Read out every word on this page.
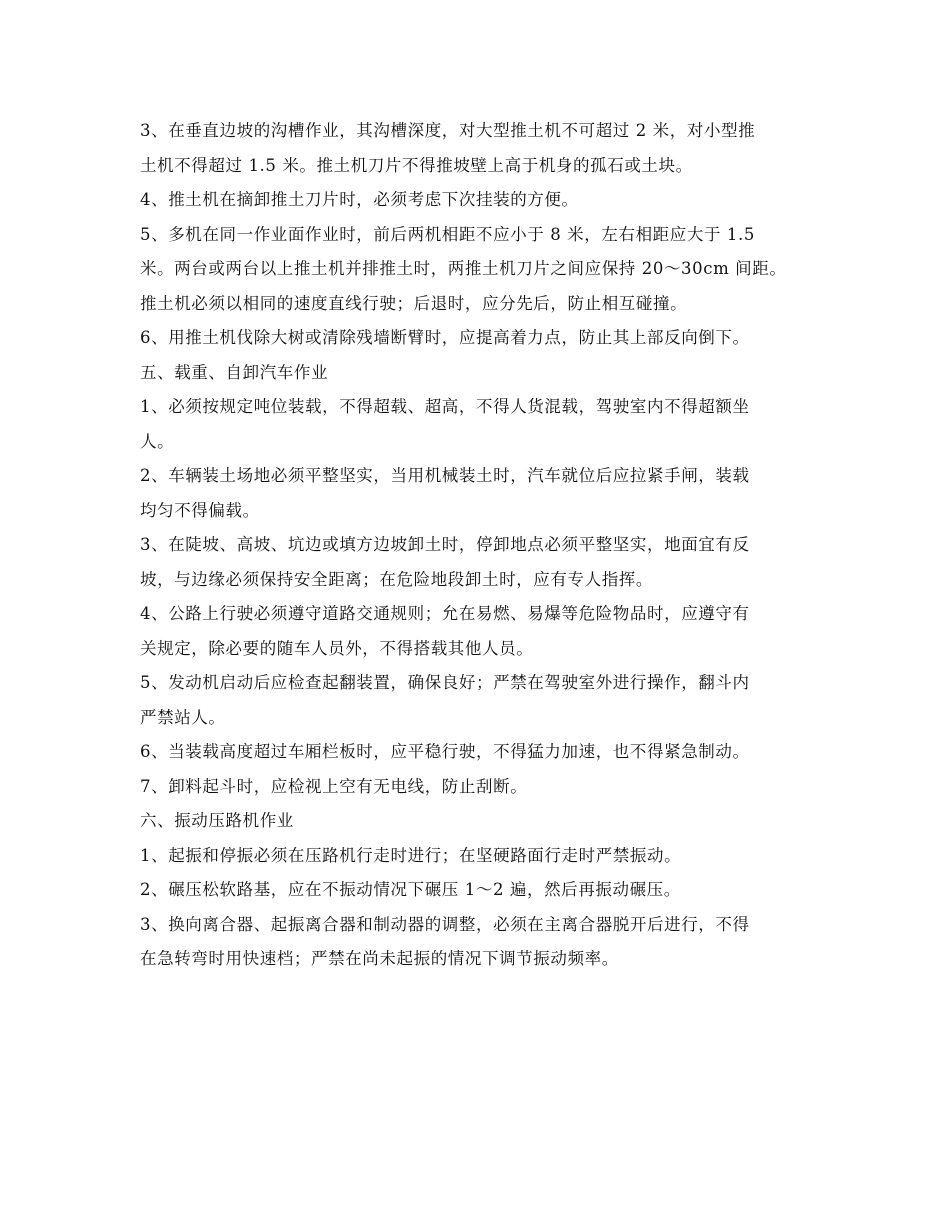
3、在垂直边坡的沟槽作业，其沟槽深度，对大型推土机不可超过 2 米，对小型推
土机不得超过 1.5 米。推土机刀片不得推坡壁上高于机身的孤石或土块。
4、推土机在摘卸推土刀片时，必须考虑下次挂装的方便。
5、多机在同一作业面作业时，前后两机相距不应小于 8 米，左右相距应大于 1.5
米。两台或两台以上推土机并排推土时，两推土机刀片之间应保持 20～30cm 间距。
推土机必须以相同的速度直线行驶；后退时，应分先后，防止相互碰撞。
6、用推土机伐除大树或清除残墙断臂时，应提高着力点，防止其上部反向倒下。
五、载重、自卸汽车作业
1、必须按规定吨位装载，不得超载、超高，不得人货混载，驾驶室内不得超额坐
人。
2、车辆装土场地必须平整坚实，当用机械装土时，汽车就位后应拉紧手闸，装载
均匀不得偏载。
3、在陡坡、高坡、坑边或填方边坡卸土时，停卸地点必须平整坚实，地面宜有反
坡，与边缘必须保持安全距离；在危险地段卸土时，应有专人指挥。
4、公路上行驶必须遵守道路交通规则；允在易燃、易爆等危险物品时，应遵守有
关规定，除必要的随车人员外，不得搭载其他人员。
5、发动机启动后应检查起翻装置，确保良好；严禁在驾驶室外进行操作，翻斗内
严禁站人。
6、当装载高度超过车厢栏板时，应平稳行驶，不得猛力加速，也不得紧急制动。
7、卸料起斗时，应检视上空有无电线，防止刮断。
六、振动压路机作业
1、起振和停振必须在压路机行走时进行；在坚硬路面行走时严禁振动。
2、碾压松软路基，应在不振动情况下碾压 1～2 遍，然后再振动碾压。
3、换向离合器、起振离合器和制动器的调整，必须在主离合器脱开后进行，不得
在急转弯时用快速档；严禁在尚未起振的情况下调节振动频率。
